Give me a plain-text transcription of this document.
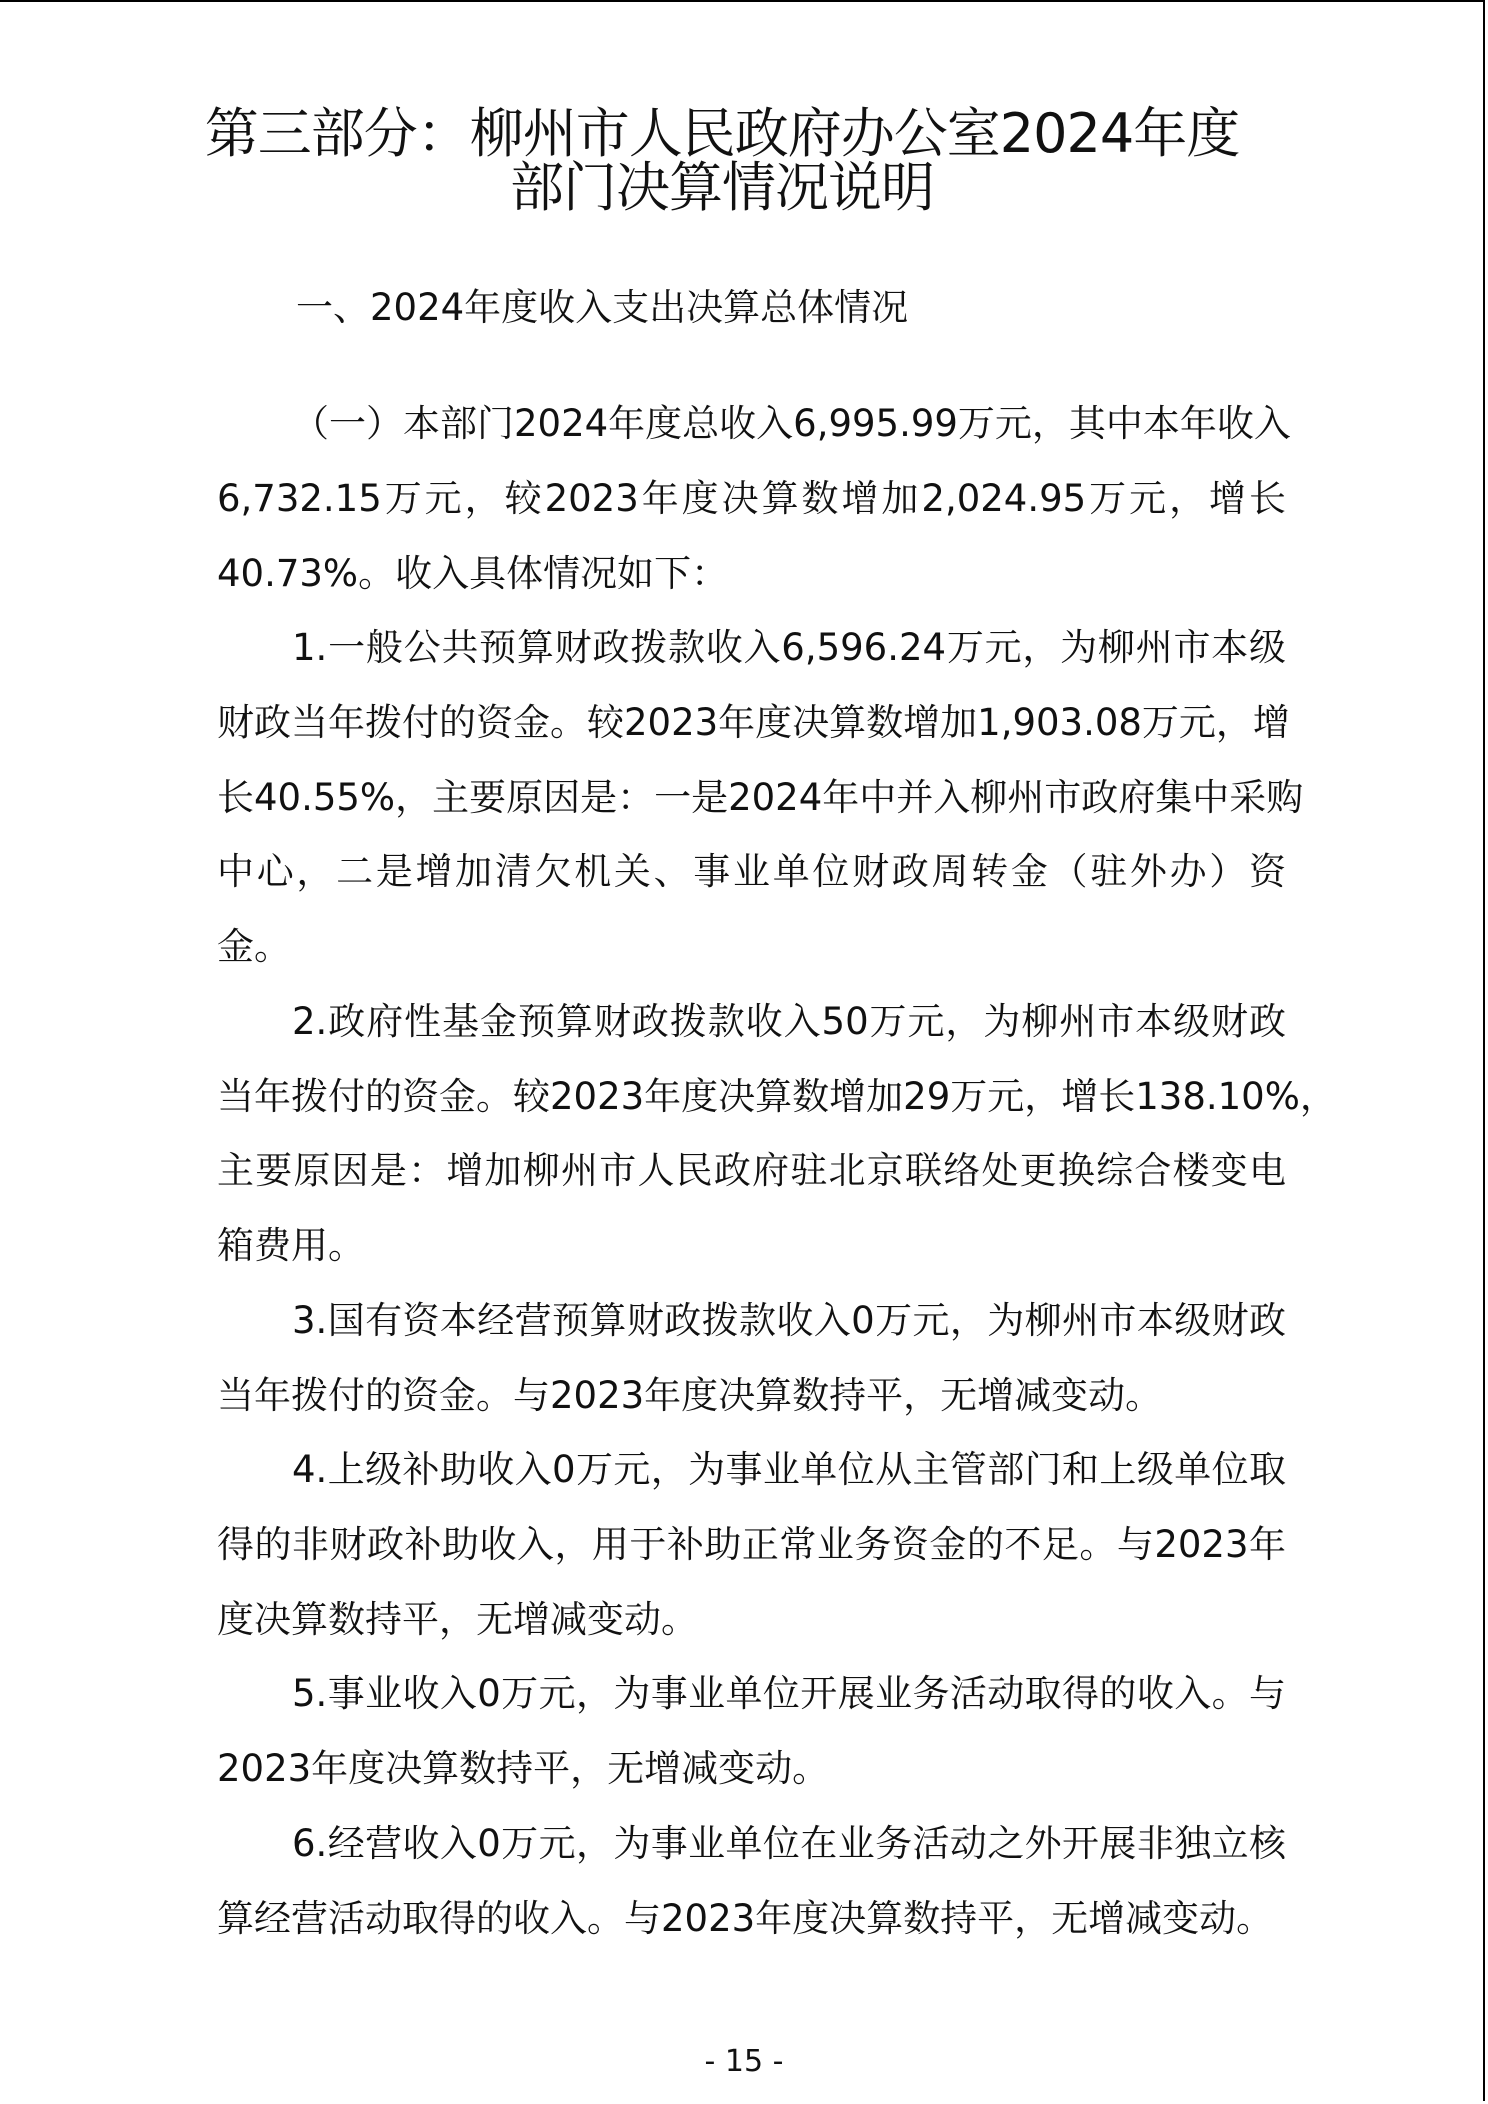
第三部分：柳州市人民政府办公室2024年度
部门决算情况说明
一、2024年度收入支出决算总体情况

（一）本部门2024年度总收入6,995.99万元，其中本年收入

6,732.15万元，较2023年度决算数增加2,024.95万元，增长

40.73%。收入具体情况如下：

1.一般公共预算财政拨款收入6,596.24万元，为柳州市本级

财政当年拨付的资金。较2023年度决算数增加1,903.08万元，增

长40.55%，主要原因是：一是2024年中并入柳州市政府集中采购

中心，二是增加清欠机关、事业单位财政周转金（驻外办）资

金。

2.政府性基金预算财政拨款收入50万元，为柳州市本级财政

当年拨付的资金。较2023年度决算数增加29万元，增长138.10%，

主要原因是：增加柳州市人民政府驻北京联络处更换综合楼变电

箱费用。

3.国有资本经营预算财政拨款收入0万元，为柳州市本级财政

当年拨付的资金。与2023年度决算数持平，无增减变动。

4.上级补助收入0万元，为事业单位从主管部门和上级单位取

得的非财政补助收入，用于补助正常业务资金的不足。与2023年

度决算数持平，无增减变动。

5.事业收入0万元，为事业单位开展业务活动取得的收入。与

2023年度决算数持平，无增减变动。

6.经营收入0万元，为事业单位在业务活动之外开展非独立核

算经营活动取得的收入。与2023年度决算数持平，无增减变动。

- 15 -
